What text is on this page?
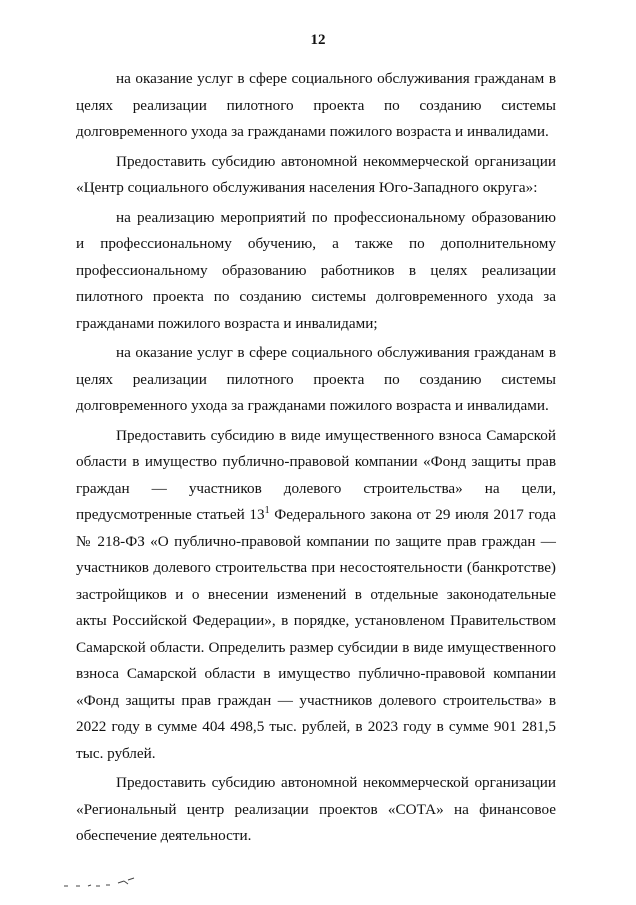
12

на оказание услуг в сфере социального обслуживания гражданам в целях реализации пилотного проекта по созданию системы долговременного ухода за гражданами пожилого возраста и инвалидами.

Предоставить субсидию автономной некоммерческой организации «Центр социального обслуживания населения Юго-Западного округа»:

на реализацию мероприятий по профессиональному образованию и профессиональному обучению, а также по дополнительному профессиональному образованию работников в целях реализации пилотного проекта по созданию системы долговременного ухода за гражданами пожилого возраста и инвалидами;

на оказание услуг в сфере социального обслуживания гражданам в целях реализации пилотного проекта по созданию системы долговременного ухода за гражданами пожилого возраста и инвалидами.

Предоставить субсидию в виде имущественного взноса Самарской области в имущество публично-правовой компании «Фонд защиты прав граждан — участников долевого строительства» на цели, предусмотренные статьей $13^1$ Федерального закона от 29 июля 2017 года № 218-ФЗ «О публично-правовой компании по защите прав граждан — участников долевого строительства при несостоятельности (банкротстве) застройщиков и о внесении изменений в отдельные законодательные акты Российской Федерации», в порядке, установленом Правительством Самарской области. Определить размер субсидии в виде имущественного взноса Самарской области в имущество публично-правовой компании «Фонд защиты прав граждан — участников долевого строительства» в 2022 году в сумме 404 498,5 тыс. рублей, в 2023 году в сумме 901 281,5 тыс. рублей.

Предоставить субсидию автономной некоммерческой организации «Региональный центр реализации проектов «СОТА» на финансовое обеспечение деятельности.
